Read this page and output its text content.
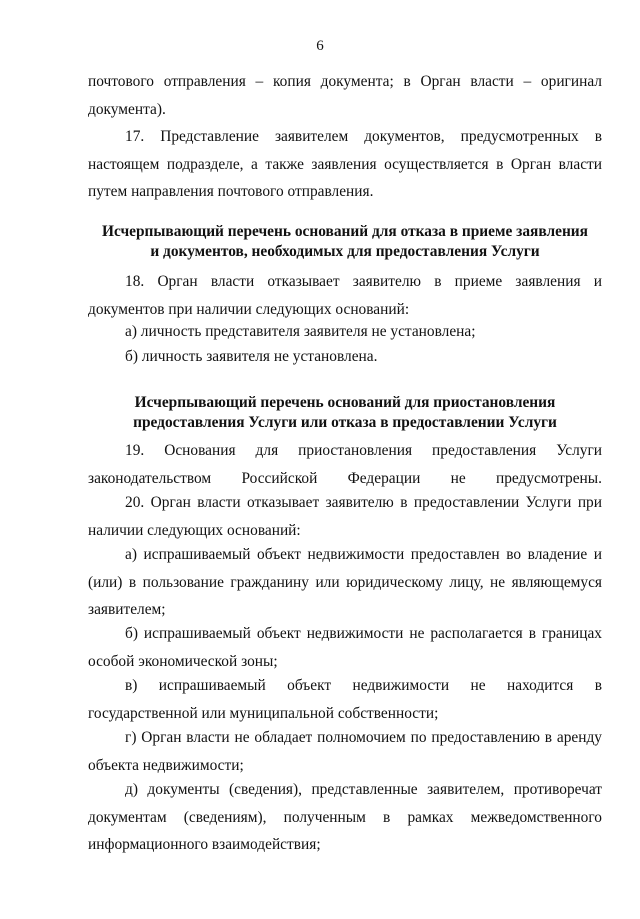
6

почтового отправления – копия документа; в Орган власти – оригинал документа).

17. Представление заявителем документов, предусмотренных в настоящем подразделе, а также заявления осуществляется в Орган власти путем направления почтового отправления.

Исчерпывающий перечень оснований для отказа в приеме заявления
и документов, необходимых для предоставления Услуги

18. Орган власти отказывает заявителю в приеме заявления и документов при наличии следующих оснований:

а) личность представителя заявителя не установлена;

б) личность заявителя не установлена.

Исчерпывающий перечень оснований для приостановления
предоставления Услуги или отказа в предоставлении Услуги

19. Основания для приостановления предоставления Услуги законодательством Российской Федерации не предусмотрены.

20. Орган власти отказывает заявителю в предоставлении Услуги при наличии следующих оснований:

а) испрашиваемый объект недвижимости предоставлен во владение и (или) в пользование гражданину или юридическому лицу, не являющемуся заявителем;

б) испрашиваемый объект недвижимости не располагается в границах особой экономической зоны;

в) испрашиваемый объект недвижимости не находится в государственной или муниципальной собственности;

г) Орган власти не обладает полномочием по предоставлению в аренду объекта недвижимости;

д) документы (сведения), представленные заявителем, противоречат документам (сведениям), полученным в рамках межведомственного информационного взаимодействия;
